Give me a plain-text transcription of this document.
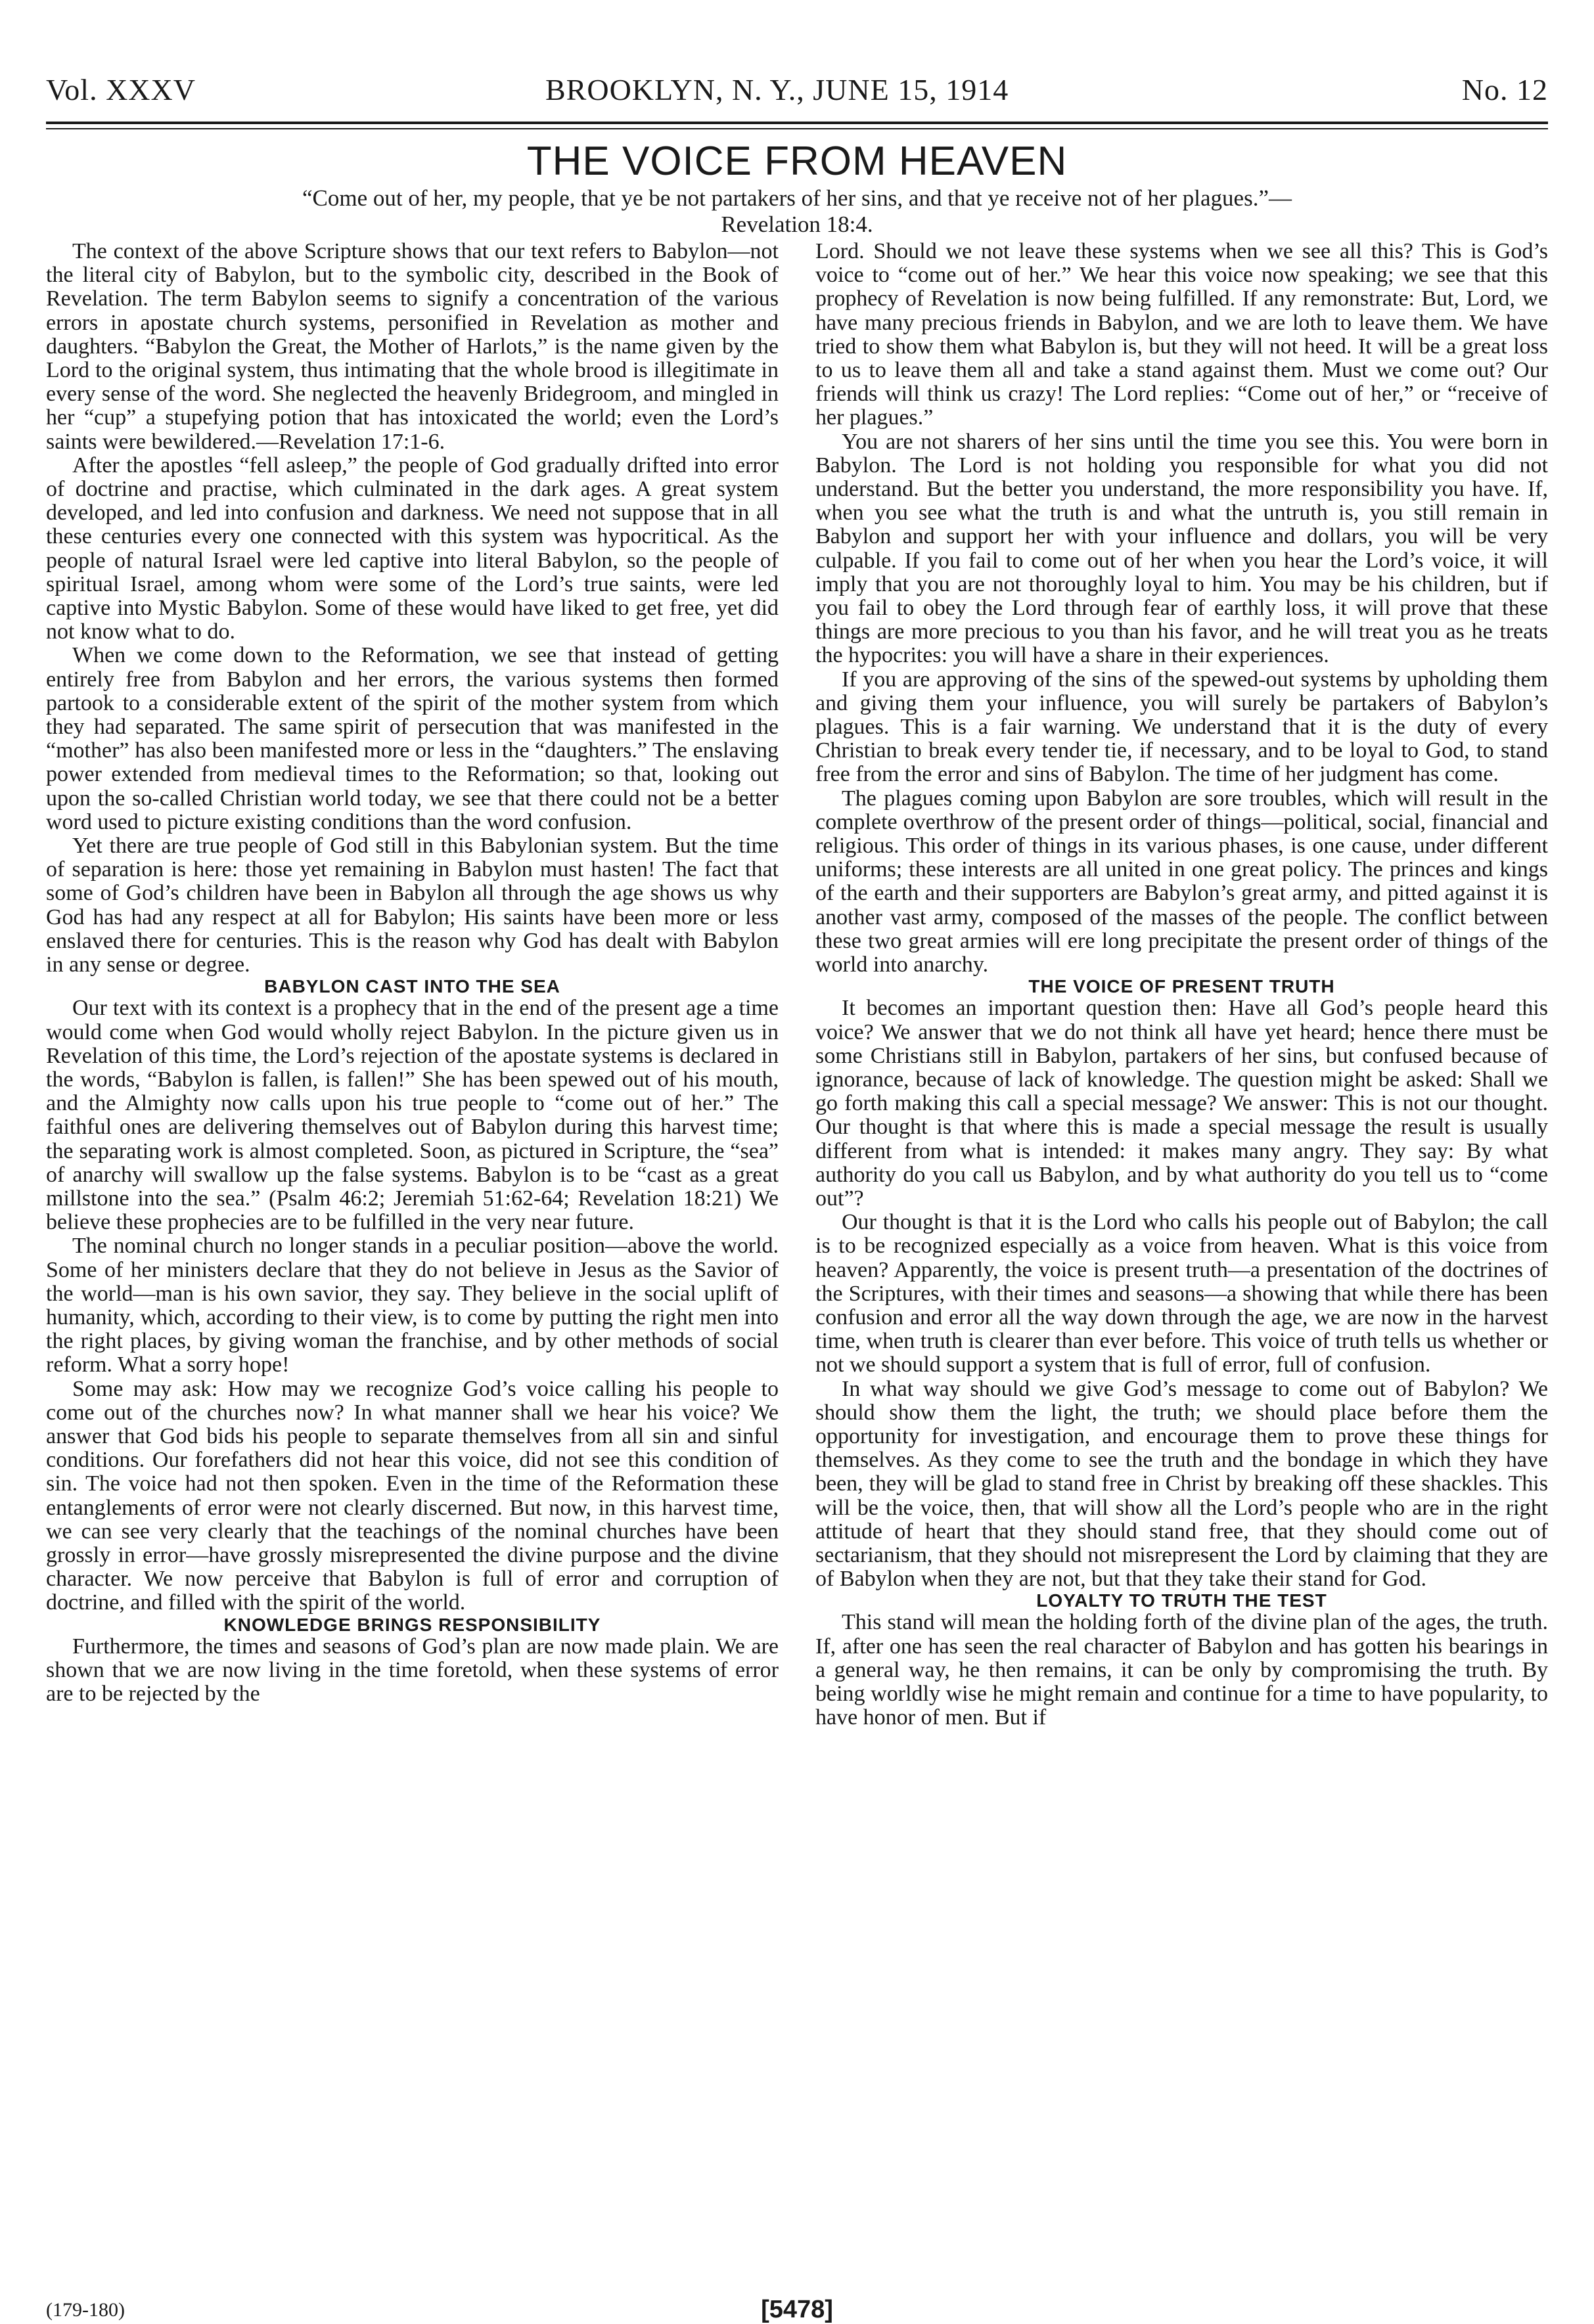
Vol. XXXV	BROOKLYN, N. Y., JUNE 15, 1914	No. 12
THE VOICE FROM HEAVEN
“Come out of her, my people, that ye be not partakers of her sins, and that ye receive not of her plagues.”—Revelation 18:4.

The context of the above Scripture shows that our text refers to Babylon—not the literal city of Babylon, but to the symbolic city, described in the Book of Revelation. The term Babylon seems to signify a concentration of the various errors in apostate church systems, personified in Revelation as mother and daughters. “Babylon the Great, the Mother of Harlots,” is the name given by the Lord to the original system, thus intimating that the whole brood is illegitimate in every sense of the word. She neglected the heavenly Bridegroom, and mingled in her “cup” a stupefying potion that has intoxicated the world; even the Lord’s saints were bewildered.—Revelation 17:1-6.

After the apostles “fell asleep,” the people of God gradually drifted into error of doctrine and practise, which culminated in the dark ages. A great system developed, and led into confusion and darkness. We need not suppose that in all these centuries every one connected with this system was hypocritical. As the people of natural Israel were led captive into literal Babylon, so the people of spiritual Israel, among whom were some of the Lord’s true saints, were led captive into Mystic Babylon. Some of these would have liked to get free, yet did not know what to do.

When we come down to the Reformation, we see that instead of getting entirely free from Babylon and her errors, the various systems then formed partook to a considerable extent of the spirit of the mother system from which they had separated. The same spirit of persecution that was manifested in the “mother” has also been manifested more or less in the “daughters.” The enslaving power extended from medieval times to the Reformation; so that, looking out upon the so-called Christian world today, we see that there could not be a better word used to picture existing conditions than the word confusion.

Yet there are true people of God still in this Babylonian system. But the time of separation is here: those yet remaining in Babylon must hasten! The fact that some of God’s children have been in Babylon all through the age shows us why God has had any respect at all for Babylon; His saints have been more or less enslaved there for centuries. This is the reason why God has dealt with Babylon in any sense or degree.

BABYLON CAST INTO THE SEA

Our text with its context is a prophecy that in the end of the present age a time would come when God would wholly reject Babylon. In the picture given us in Revelation of this time, the Lord’s rejection of the apostate systems is declared in the words, “Babylon is fallen, is fallen!” She has been spewed out of his mouth, and the Almighty now calls upon his true people to “come out of her.” The faithful ones are delivering themselves out of Babylon during this harvest time; the separating work is almost completed. Soon, as pictured in Scripture, the “sea” of anarchy will swallow up the false systems. Babylon is to be “cast as a great millstone into the sea.” (Psalm 46:2; Jeremiah 51:62-64; Revelation 18:21) We believe these prophecies are to be fulfilled in the very near future.

The nominal church no longer stands in a peculiar position—above the world. Some of her ministers declare that they do not believe in Jesus as the Savior of the world—man is his own savior, they say. They believe in the social uplift of humanity, which, according to their view, is to come by putting the right men into the right places, by giving woman the franchise, and by other methods of social reform. What a sorry hope!

Some may ask: How may we recognize God’s voice calling his people to come out of the churches now? In what manner shall we hear his voice? We answer that God bids his people to separate themselves from all sin and sinful conditions. Our forefathers did not hear this voice, did not see this condition of sin. The voice had not then spoken. Even in the time of the Reformation these entanglements of error were not clearly discerned. But now, in this harvest time, we can see very clearly that the teachings of the nominal churches have been grossly in error—have grossly misrepresented the divine purpose and the divine character. We now perceive that Babylon is full of error and corruption of doctrine, and filled with the spirit of the world.

KNOWLEDGE BRINGS RESPONSIBILITY

Furthermore, the times and seasons of God’s plan are now made plain. We are shown that we are now living in the time foretold, when these systems of error are to be rejected by the

Lord. Should we not leave these systems when we see all this? This is God’s voice to “come out of her.” We hear this voice now speaking; we see that this prophecy of Revelation is now being fulfilled. If any remonstrate: But, Lord, we have many precious friends in Babylon, and we are loth to leave them. We have tried to show them what Babylon is, but they will not heed. It will be a great loss to us to leave them all and take a stand against them. Must we come out? Our friends will think us crazy! The Lord replies: “Come out of her,” or “receive of her plagues.”

You are not sharers of her sins until the time you see this. You were born in Babylon. The Lord is not holding you responsible for what you did not understand. But the better you understand, the more responsibility you have. If, when you see what the truth is and what the untruth is, you still remain in Babylon and support her with your influence and dollars, you will be very culpable. If you fail to come out of her when you hear the Lord’s voice, it will imply that you are not thoroughly loyal to him. You may be his children, but if you fail to obey the Lord through fear of earthly loss, it will prove that these things are more precious to you than his favor, and he will treat you as he treats the hypocrites: you will have a share in their experiences.

If you are approving of the sins of the spewed-out systems by upholding them and giving them your influence, you will surely be partakers of Babylon’s plagues. This is a fair warning. We understand that it is the duty of every Christian to break every tender tie, if necessary, and to be loyal to God, to stand free from the error and sins of Babylon. The time of her judgment has come.

The plagues coming upon Babylon are sore troubles, which will result in the complete overthrow of the present order of things—political, social, financial and religious. This order of things in its various phases, is one cause, under different uniforms; these interests are all united in one great policy. The princes and kings of the earth and their supporters are Babylon’s great army, and pitted against it is another vast army, composed of the masses of the people. The conflict between these two great armies will ere long precipitate the present order of things of the world into anarchy.

THE VOICE OF PRESENT TRUTH

It becomes an important question then: Have all God’s people heard this voice? We answer that we do not think all have yet heard; hence there must be some Christians still in Babylon, partakers of her sins, but confused because of ignorance, because of lack of knowledge. The question might be asked: Shall we go forth making this call a special message? We answer: This is not our thought. Our thought is that where this is made a special message the result is usually different from what is intended: it makes many angry. They say: By what authority do you call us Babylon, and by what authority do you tell us to “come out”?

Our thought is that it is the Lord who calls his people out of Babylon; the call is to be recognized especially as a voice from heaven. What is this voice from heaven? Apparently, the voice is present truth—a presentation of the doctrines of the Scriptures, with their times and seasons—a showing that while there has been confusion and error all the way down through the age, we are now in the harvest time, when truth is clearer than ever before. This voice of truth tells us whether or not we should support a system that is full of error, full of confusion.

In what way should we give God’s message to come out of Babylon? We should show them the light, the truth; we should place before them the opportunity for investigation, and encourage them to prove these things for themselves. As they come to see the truth and the bondage in which they have been, they will be glad to stand free in Christ by breaking off these shackles. This will be the voice, then, that will show all the Lord’s people who are in the right attitude of heart that they should stand free, that they should come out of sectarianism, that they should not misrepresent the Lord by claiming that they are of Babylon when they are not, but that they take their stand for God.

LOYALTY TO TRUTH THE TEST

This stand will mean the holding forth of the divine plan of the ages, the truth. If, after one has seen the real character of Babylon and has gotten his bearings in a general way, he then remains, it can be only by compromising the truth. By being worldly wise he might remain and continue for a time to have popularity, to have honor of men. But if

(179-180)	[5478]
